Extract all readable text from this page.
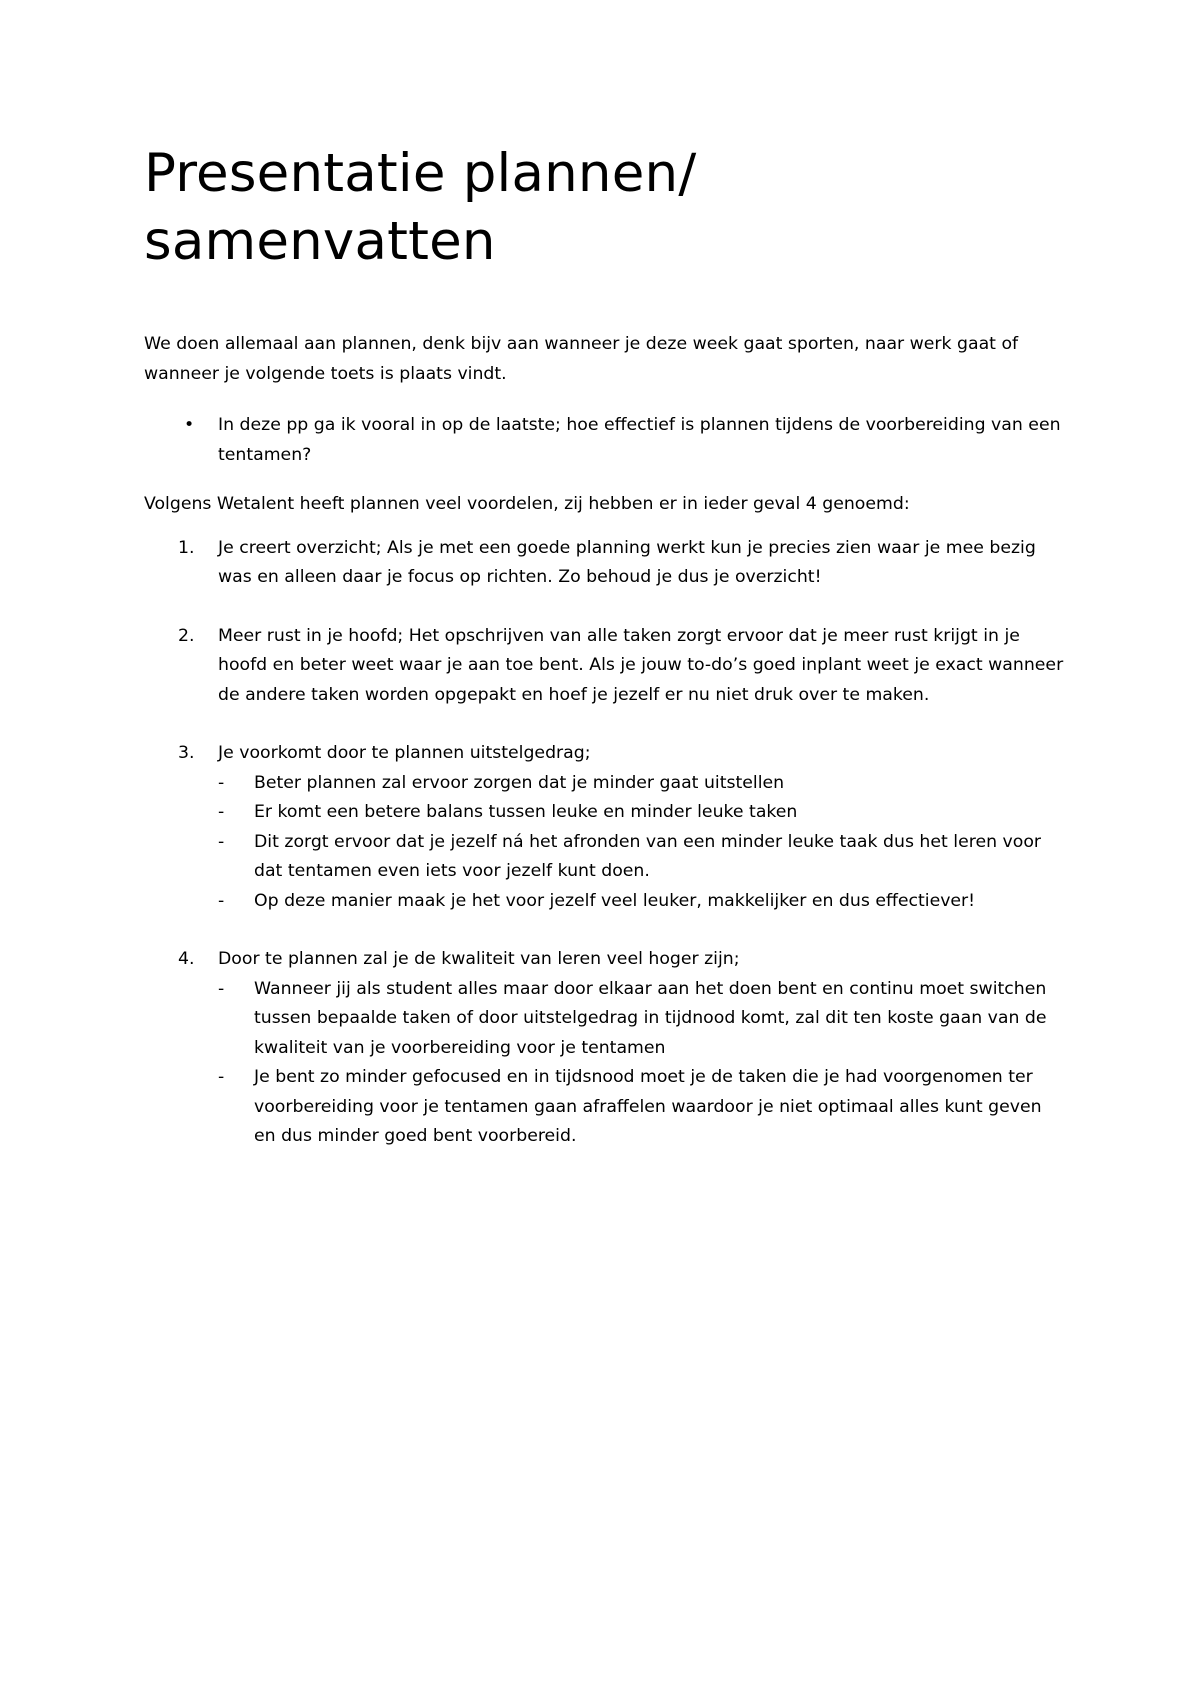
Presentatie plannen/ samenvatten

We doen allemaal aan plannen, denk bijv aan wanneer je deze week gaat sporten, naar werk gaat of wanneer je volgende toets is plaats vindt.

• In deze pp ga ik vooral in op de laatste; hoe effectief is plannen tijdens de voorbereiding van een tentamen?

Volgens Wetalent heeft plannen veel voordelen, zij hebben er in ieder geval 4 genoemd:

1. Je creert overzicht; Als je met een goede planning werkt kun je precies zien waar je mee bezig was en alleen daar je focus op richten. Zo behoud je dus je overzicht!
2. Meer rust in je hoofd; Het opschrijven van alle taken zorgt ervoor dat je meer rust krijgt in je hoofd en beter weet waar je aan toe bent. Als je jouw to-do’s goed inplant weet je exact wanneer de andere taken worden opgepakt en hoef je jezelf er nu niet druk over te maken.
3. Je voorkomt door te plannen uitstelgedrag;
- Beter plannen zal ervoor zorgen dat je minder gaat uitstellen
- Er komt een betere balans tussen leuke en minder leuke taken
- Dit zorgt ervoor dat je jezelf ná het afronden van een minder leuke taak dus het leren voor dat tentamen even iets voor jezelf kunt doen.
- Op deze manier maak je het voor jezelf veel leuker, makkelijker en dus effectiever!
4. Door te plannen zal je de kwaliteit van leren veel hoger zijn;
- Wanneer jij als student alles maar door elkaar aan het doen bent en continu moet switchen tussen bepaalde taken of door uitstelgedrag in tijdnood komt, zal dit ten koste gaan van de kwaliteit van je voorbereiding voor je tentamen
- Je bent zo minder gefocused en in tijdsnood moet je de taken die je had voorgenomen ter voorbereiding voor je tentamen gaan afraffelen waardoor je niet optimaal alles kunt geven en dus minder goed bent voorbereid.
